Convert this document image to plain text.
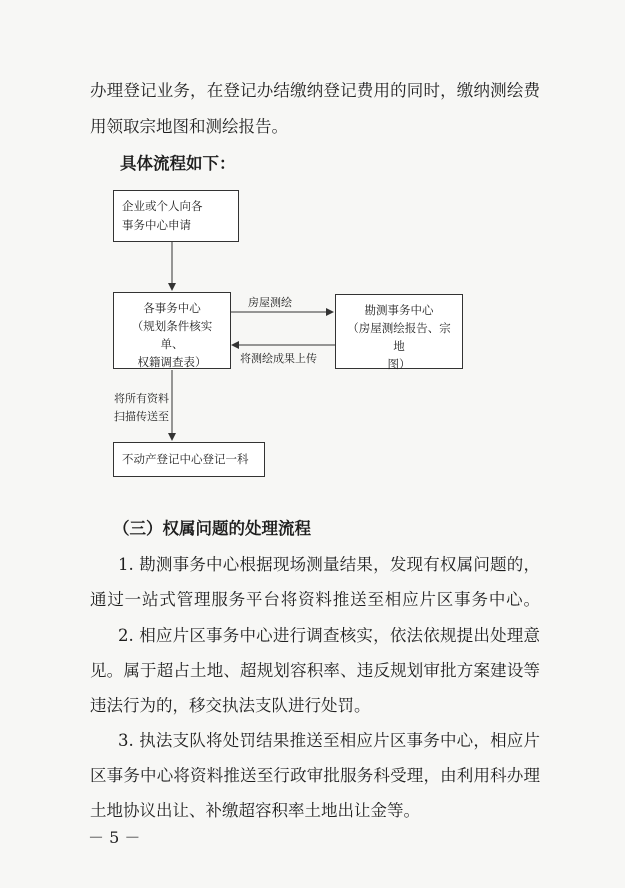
办理登记业务，在登记办结缴纳登记费用的同时，缴纳测绘费
用领取宗地图和测绘报告。
具体流程如下：
企业或个人向各
事务中心申请
各事务中心
（规划条件核实单、
权籍调查表）
勘测事务中心
（房屋测绘报告、宗地
图）
不动产登记中心登记一科
房屋测绘
将测绘成果上传
将所有资料
扫描传送至
（三）权属问题的处理流程
1. 勘测事务中心根据现场测量结果，发现有权属问题的，
通过一站式管理服务平台将资料推送至相应片区事务中心。
2. 相应片区事务中心进行调查核实，依法依规提出处理意
见。属于超占土地、超规划容积率、违反规划审批方案建设等
违法行为的，移交执法支队进行处罚。
3. 执法支队将处罚结果推送至相应片区事务中心，相应片
区事务中心将资料推送至行政审批服务科受理，由利用科办理
土地协议出让、补缴超容积率土地出让金等。
－ 5 －
